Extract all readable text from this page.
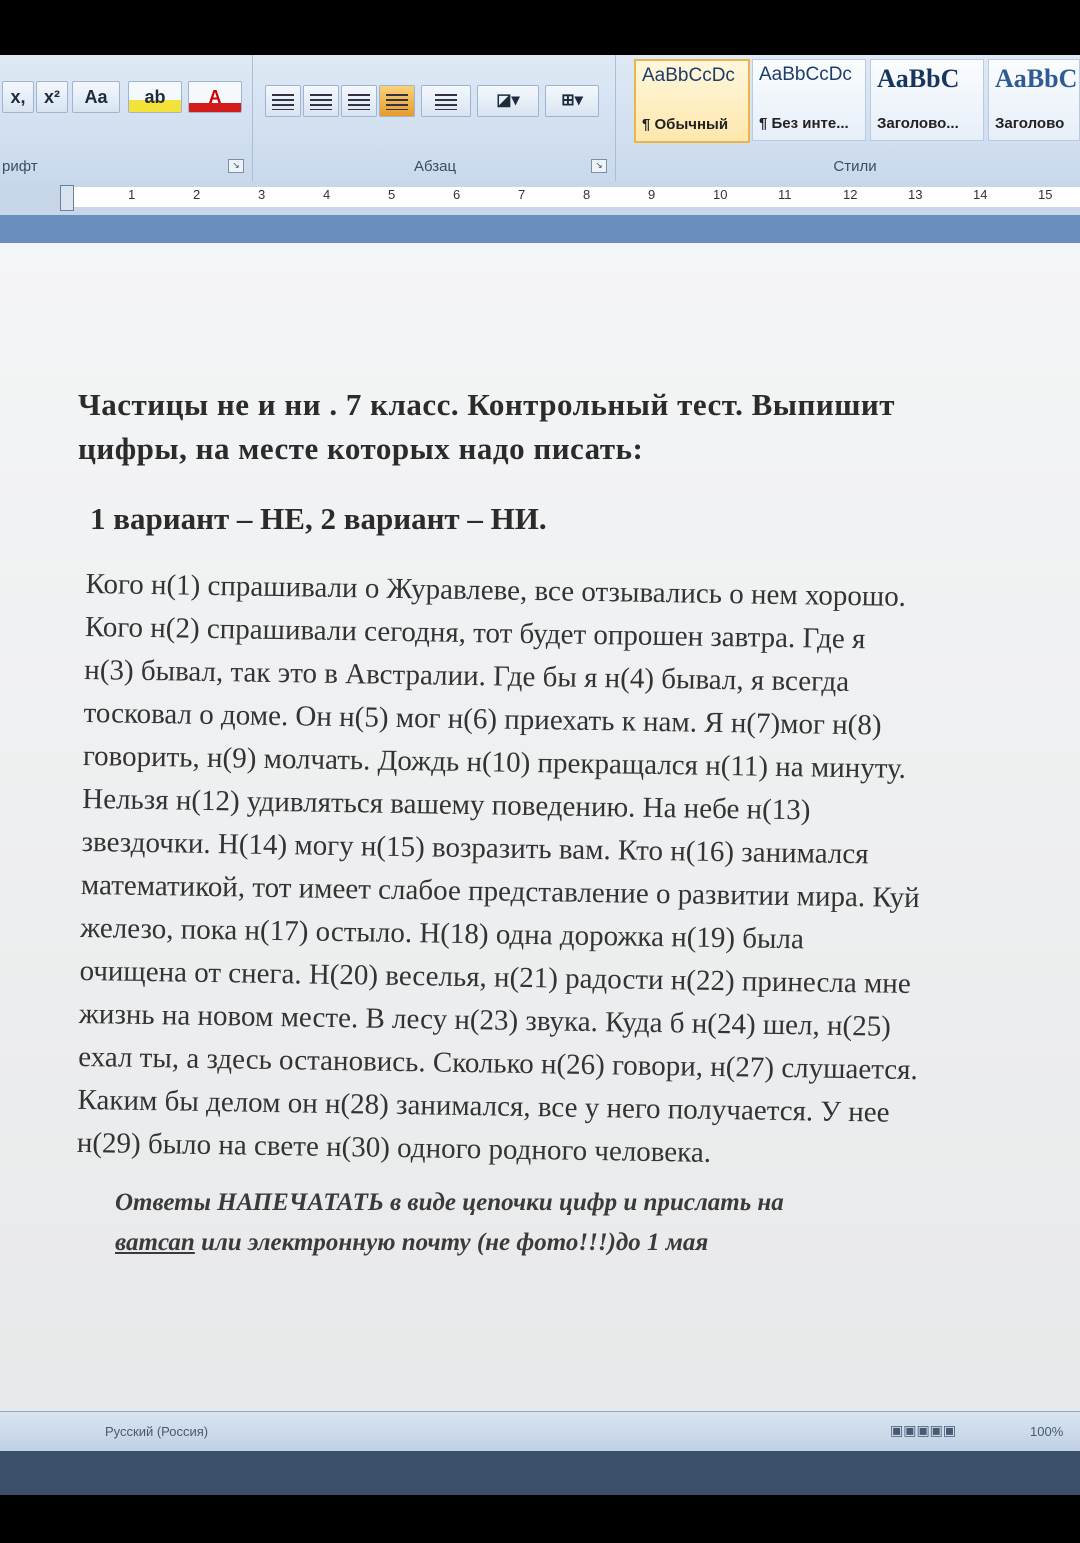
x,	x²	Aa	ab	A
рифт	↘
◪▾	⊞▾
Абзац	↘
AaBbCcDc
¶ Обычный
AaBbCcDc
¶ Без инте...
AaBbC
Заголово...
AaBbC
Заголово
Стили
1	2	3	4	5	6	7	8	9	10	11	12	13	14	15
Частицы не и ни . 7 класс. Контрольный тест. Выпишит
цифры, на месте которых надо писать:
1 вариант – НЕ, 2 вариант – НИ.
Кого н(1) спрашивали о Журавлеве, все отзывались о нем хорошо.
Кого н(2) спрашивали сегодня, тот будет опрошен завтра. Где я
н(3) бывал, так это в Австралии. Где бы я н(4) бывал, я всегда
тосковал о доме. Он н(5) мог н(6) приехать к нам. Я н(7)мог н(8)
говорить, н(9) молчать. Дождь н(10) прекращался н(11) на минуту.
Нельзя н(12) удивляться вашему поведению. На небе н(13)
звездочки. Н(14) могу н(15) возразить вам. Кто н(16) занимался
математикой, тот имеет слабое представление о развитии мира. Куй
железо, пока н(17) остыло. Н(18) одна дорожка н(19) была
очищена от снега. Н(20) веселья, н(21) радости н(22) принесла мне
жизнь на новом месте. В лесу н(23) звука. Куда б н(24) шел, н(25)
ехал ты, а здесь остановись. Сколько н(26) говори, н(27) слушается.
Каким бы делом он н(28) занимался, все у него получается. У нее
н(29) было на свете н(30) одного родного человека.
Ответы НАПЕЧАТАТЬ в виде цепочки цифр и прислать на
ватсап или электронную почту (не фото!!!)до 1 мая
Русский (Россия)	▣▣▣▣▣	100%
